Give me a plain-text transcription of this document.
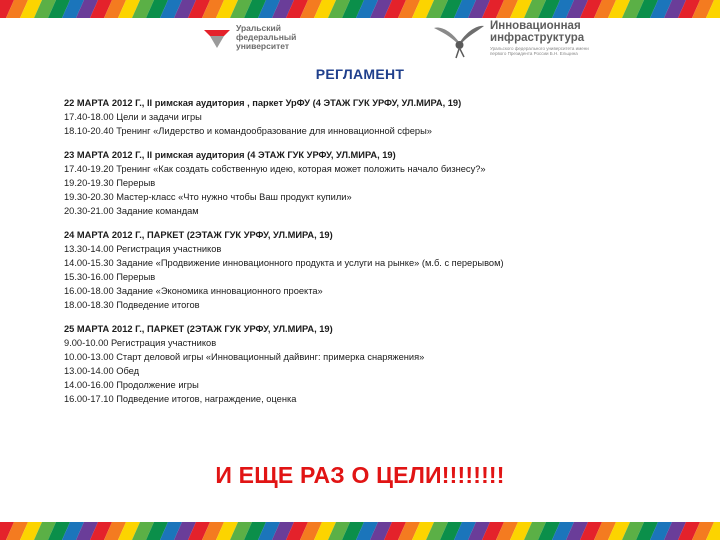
Уральский
федеральный
университет
Инновационная
инфраструктура
Уральского федерального университета имени первого Президента России Б.Н. Ельцина
РЕГЛАМЕНТ
22 МАРТА 2012 Г., II римская аудитория , паркет УрФУ (4 ЭТАЖ ГУК УРФУ, УЛ.МИРА, 19)
17.40-18.00 Цели и задачи игры
18.10-20.40 Тренинг «Лидерство и командообразование для инновационной сферы»
23 МАРТА 2012 Г., II римская аудитория (4 ЭТАЖ ГУК УРФУ, УЛ.МИРА, 19)
17.40-19.20 Тренинг «Как создать собственную идею, которая может положить начало бизнесу?»
19.20-19.30 Перерыв
19.30-20.30 Мастер-класс «Что нужно чтобы Ваш продукт купили»
20.30-21.00 Задание командам
24 МАРТА 2012 Г., ПАРКЕТ (2ЭТАЖ ГУК УРФУ, УЛ.МИРА, 19)
13.30-14.00 Регистрация участников
14.00-15.30 Задание «Продвижение инновационного продукта и услуги на рынке» (м.б. с перерывом)
15.30-16.00 Перерыв
16.00-18.00 Задание «Экономика инновационного проекта»
18.00-18.30 Подведение итогов
25 МАРТА 2012 Г., ПАРКЕТ (2ЭТАЖ ГУК УРФУ, УЛ.МИРА, 19)
9.00-10.00 Регистрация участников
10.00-13.00 Старт деловой игры «Инновационный дайвинг: примерка снаряжения»
13.00-14.00 Обед
14.00-16.00 Продолжение игры
16.00-17.10 Подведение итогов, награждение, оценка
И ЕЩЕ РАЗ О ЦЕЛИ!!!!!!!!
